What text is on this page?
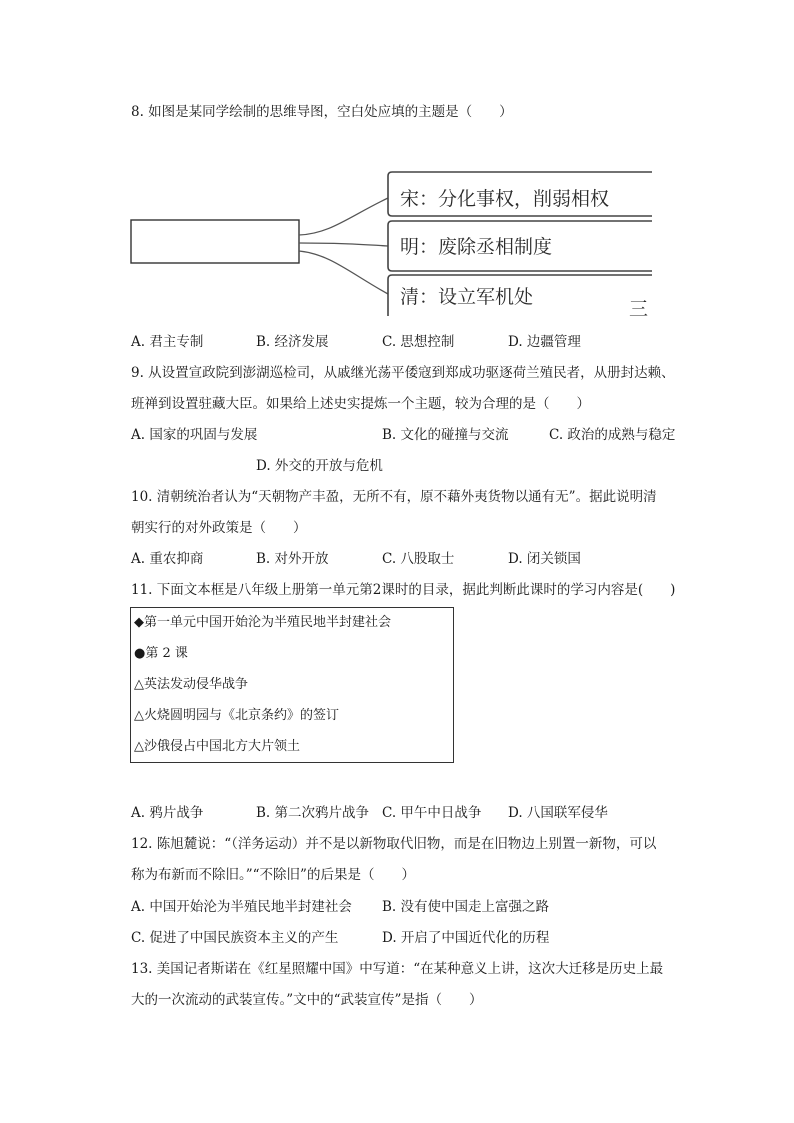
8. 如图是某同学绘制的思维导图，空白处应填的主题是（　　）
宋：分化事权，削弱相权
明：废除丞相制度
清：设立军机处
三
A. 君主专制	B. 经济发展	C. 思想控制	D. 边疆管理
9. 从设置宣政院到澎湖巡检司，从戚继光荡平倭寇到郑成功驱逐荷兰殖民者，从册封达赖、
班禅到设置驻藏大臣。如果给上述史实提炼一个主题，较为合理的是（　　）
A. 国家的巩固与发展	B. 文化的碰撞与交流	C. 政治的成熟与稳定
D. 外交的开放与危机
10. 清朝统治者认为“天朝物产丰盈，无所不有，原不藉外夷货物以通有无”。据此说明清
朝实行的对外政策是（　　）
A. 重农抑商	B. 对外开放	C. 八股取士	D. 闭关锁国
11. 下面文本框是八年级上册第一单元第2课时的目录，据此判断此课时的学习内容是(　　)
◆第一单元中国开始沦为半殖民地半封建社会
●第 2 课
△英法发动侵华战争
△火烧圆明园与《北京条约》的签订
△沙俄侵占中国北方大片领土
A. 鸦片战争	B. 第二次鸦片战争 C. 甲午中日战争 D. 八国联军侵华
12. 陈旭麓说：“（洋务运动）并不是以新物取代旧物，而是在旧物边上别置一新物，可以
称为布新而不除旧。”“不除旧”的后果是（　　）
A. 中国开始沦为半殖民地半封建社会 B. 没有使中国走上富强之路
C. 促进了中国民族资本主义的产生	D. 开启了中国近代化的历程
13. 美国记者斯诺在《红星照耀中国》中写道：“在某种意义上讲，这次大迁移是历史上最
大的一次流动的武装宣传。”文中的“武装宣传”是指（　　）
